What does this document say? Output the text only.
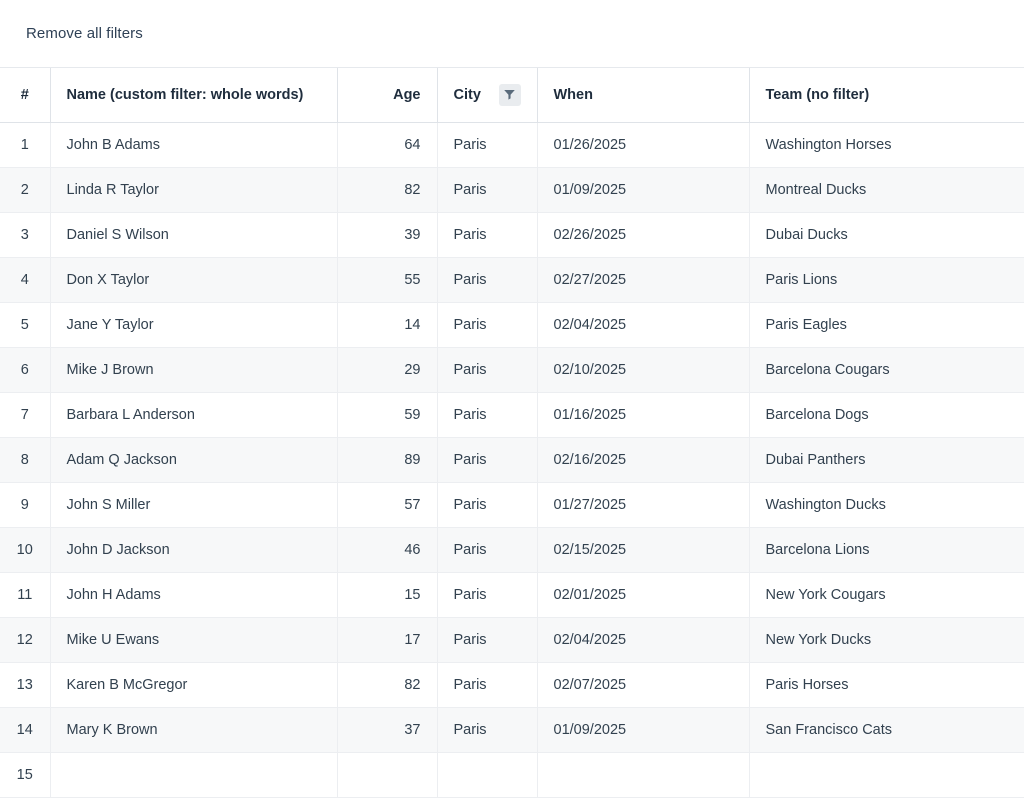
Remove all filters
#	Name (custom filter: whole words)	Age	City	When	Team (no filter)

1	John B Adams	64	Paris	01/26/2025	Washington Horses
2	Linda R Taylor	82	Paris	01/09/2025	Montreal Ducks
3	Daniel S Wilson	39	Paris	02/26/2025	Dubai Ducks
4	Don X Taylor	55	Paris	02/27/2025	Paris Lions
5	Jane Y Taylor	14	Paris	02/04/2025	Paris Eagles
6	Mike J Brown	29	Paris	02/10/2025	Barcelona Cougars
7	Barbara L Anderson	59	Paris	01/16/2025	Barcelona Dogs
8	Adam Q Jackson	89	Paris	02/16/2025	Dubai Panthers
9	John S Miller	57	Paris	01/27/2025	Washington Ducks
10	John D Jackson	46	Paris	02/15/2025	Barcelona Lions
11	John H Adams	15	Paris	02/01/2025	New York Cougars
12	Mike U Ewans	17	Paris	02/04/2025	New York Ducks
13	Karen B McGregor	82	Paris	02/07/2025	Paris Horses
14	Mary K Brown	37	Paris	01/09/2025	San Francisco Cats
15					
